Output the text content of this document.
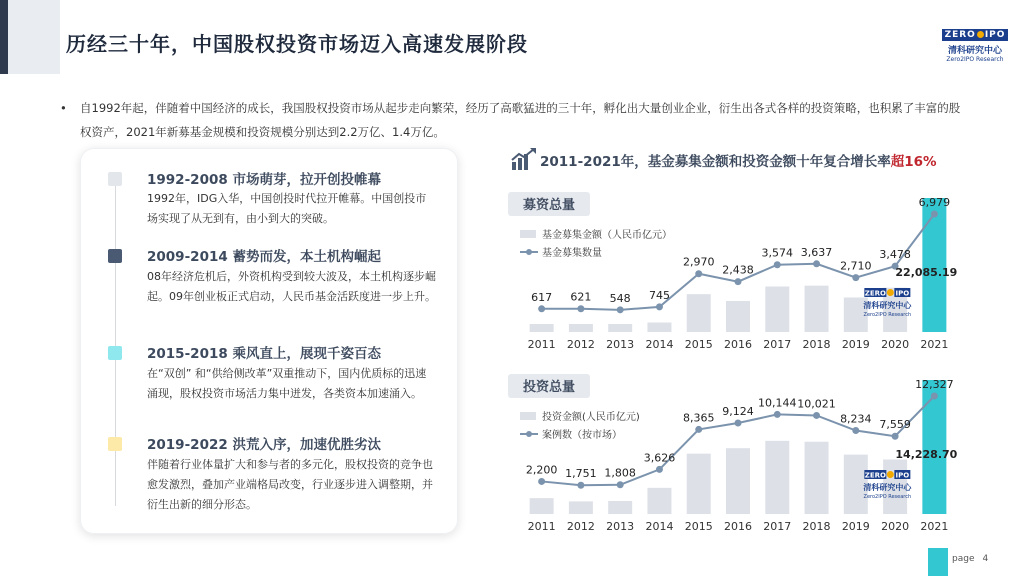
历经三十年，中国股权投资市场迈入高速发展阶段	ZERO IPO
清科研究中心
Zero2IPO Research
•	自1992年起，伴随着中国经济的成长，我国股权投资市场从起步走向繁荣，经历了高歌猛进的三十年，孵化出大量创业企业，衍生出各式各样的投资策略，也积累了丰富的股权资产，2021年新募基金规模和投资规模分别达到2.2万亿、1.4万亿。

1992-2008 市场萌芽，拉开创投帷幕
1992年，IDG入华，中国创投时代拉开帷幕。中国创投市场实现了从无到有，由小到大的突破。
2009-2014 蓄势而发，本土机构崛起
08年经济危机后，外资机构受到较大波及，本土机构逐步崛起。09年创业板正式启动，人民币基金活跃度进一步上升。
2015-2018 乘风直上，展现千姿百态
在“双创” 和“供给侧改革”双重推动下，国内优质标的迅速涌现，股权投资市场活力集中迸发，各类资本加速涌入。
2019-2022 洪荒入序，加速优胜劣汰
伴随着行业体量扩大和参与者的多元化，股权投资的竞争也愈发激烈，叠加产业端格局改变，行业逐步进入调整期，并衍生出新的细分形态。
2011-2021年，基金募集金额和投资金额十年复合增长率超16%
募资总量
基金募集金额（人民币亿元）
基金募集数量
2011 2012 2013 2014 2015 2016 2017 2018 2019 2020 2021
617 621 548 745
2,970
2,438
3,574 3,637
2,710
3,478
6,979
22,085.19
ZERO IPO
清科研究中心
Zero2IPO Research
投资总量
投资金额(人民币亿元)
案例数（按市场）
2011 2012 2013 2014 2015 2016 2017 2018 2019 2020 2021
2,200 1,751 1,808
3,626
8,365 9,124
10,144 10,021
8,234 7,559
12,327
14,228.70
ZERO IPO
清科研究中心
Zero2IPO Research
page 4
